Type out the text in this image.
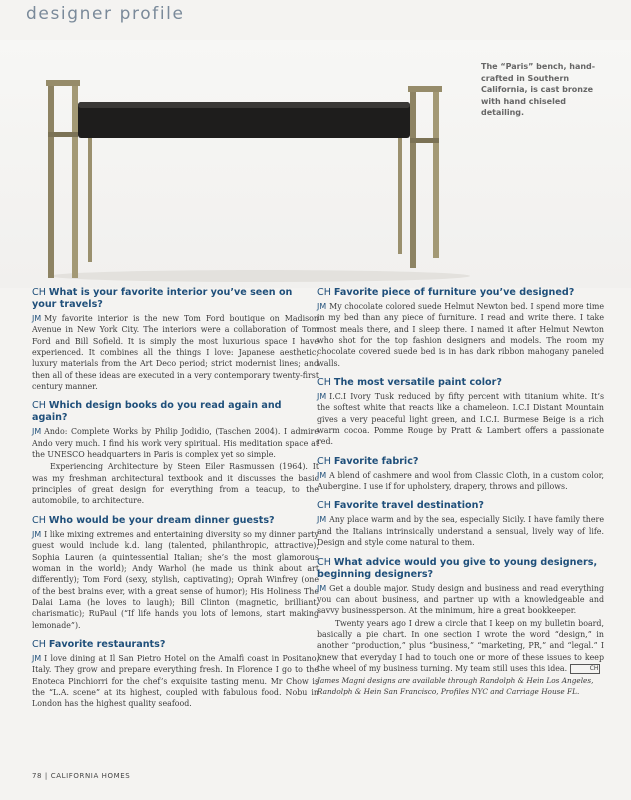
designer profile
The “Paris” bench, hand-crafted in Southern California, is cast bronze with hand chiseled detailing.
CH What is your favorite interior you’ve seen on your travels?
JM My favorite interior is the new Tom Ford boutique on Madison Avenue in New York City. The interiors were a collaboration of Tom Ford and Bill Sofield. It is simply the most luxurious space I have experienced. It combines all the things I love: Japanese aesthetic; luxury materials from the Art Deco period; strict modernist lines; and then all of these ideas are executed in a very contemporary twenty-first century manner.
CH Which design books do you read again and again?
JM Ando: Complete Works by Philip Jodidio, (Taschen 2004). I admire Ando very much. I find his work very spiritual. His meditation space at the UNESCO headquarters in Paris is complex yet so simple.
Experiencing Architecture by Steen Eiler Rasmussen (1964). It was my freshman architectural textbook and it discusses the basic principles of great design for everything from a teacup, to the automobile, to architecture.
CH Who would be your dream dinner guests?
JM I like mixing extremes and entertaining diversity so my dinner party guest would include k.d. lang (talented, philanthropic, attractive); Sophia Lauren (a quintessential Italian; she’s the most glamorous woman in the world); Andy Warhol (he made us think about art differently); Tom Ford (sexy, stylish, captivating); Oprah Winfrey (one of the best brains ever, with a great sense of humor); His Holiness The Dalai Lama (he loves to laugh); Bill Clinton (magnetic, brilliant, charismatic); RuPaul (“If life hands you lots of lemons, start making lemonade”).
CH Favorite restaurants?
JM I love dining at Il San Pietro Hotel on the Amalfi coast in Positano, Italy. They grow and prepare everything fresh. In Florence I go to the Enoteca Pinchiorri for the chef’s exquisite tasting menu. Mr Chow is the “L.A. scene” at its highest, coupled with fabulous food. Nobu in London has the highest quality seafood.
CH Favorite piece of furniture you’ve designed?
JM My chocolate colored suede Helmut Newton bed. I spend more time in my bed than any piece of furniture. I read and write there. I take most meals there, and I sleep there. I named it after Helmut Newton who shot for the top fashion designers and models. The room my chocolate covered suede bed is in has dark ribbon mahogany paneled walls.
CH The most versatile paint color?
JM I.C.I Ivory Tusk reduced by fifty percent with titanium white. It’s the softest white that reacts like a chameleon. I.C.I Distant Mountain gives a very peaceful light green, and I.C.I. Burmese Beige is a rich warm cocoa. Pomme Rouge by Pratt & Lambert offers a passionate red.
CH Favorite fabric?
JM A blend of cashmere and wool from Classic Cloth, in a custom color, Aubergine. I use if for upholstery, drapery, throws and pillows.
CH Favorite travel destination?
JM Any place warm and by the sea, especially Sicily. I have family there and the Italians intrinsically understand a sensual, lively way of life. Design and style come natural to them.
CH What advice would you give to young designers, beginning designers?
JM Get a double major. Study design and business and read everything you can about business, and partner up with a knowledgeable and savvy businessperson. At the minimum, hire a great bookkeeper.
Twenty years ago I drew a circle that I keep on my bulletin board, basically a pie chart. In one section I wrote the word “design,” in another “production,” plus “business,” “marketing, PR,” and “legal.” I knew that everyday I had to touch one or more of these issues to keep the wheel of my business turning. My team still uses this idea.	CH
James Magni designs are available through Randolph & Hein Los Angeles, Randolph & Hein San Francisco, Profiles NYC and Carriage House FL.
78 | CALIFORNIA HOMES
